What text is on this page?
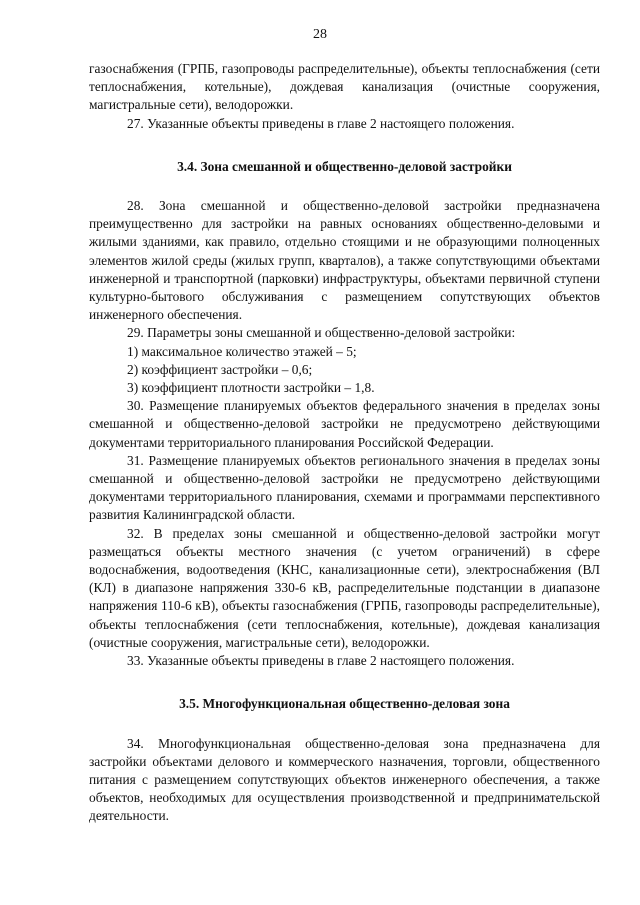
28

газоснабжения (ГРПБ, газопроводы распределительные), объекты теплоснабжения (сети теплоснабжения, котельные), дождевая канализация (очистные сооружения, магистральные сети), велодорожки.

27. Указанные объекты приведены в главе 2 настоящего положения.

3.4. Зона смешанной и общественно-деловой застройки

28. Зона смешанной и общественно-деловой застройки предназначена преимущественно для застройки на равных основаниях общественно-деловыми и жилыми зданиями, как правило, отдельно стоящими и не образующими полноценных элементов жилой среды (жилых групп, кварталов), а также сопутствующими объектами инженерной и транспортной (парковки) инфраструктуры, объектами первичной ступени культурно-бытового обслуживания с размещением сопутствующих объектов инженерного обеспечения.

29. Параметры зоны смешанной и общественно-деловой застройки:

1) максимальное количество этажей – 5;

2) коэффициент застройки – 0,6;

3) коэффициент плотности застройки – 1,8.

30. Размещение планируемых объектов федерального значения в пределах зоны смешанной и общественно-деловой застройки не предусмотрено действующими документами территориального планирования Российской Федерации.

31. Размещение планируемых объектов регионального значения в пределах зоны смешанной и общественно-деловой застройки не предусмотрено действующими документами территориального планирования, схемами и программами перспективного развития Калининградской области.

32. В пределах зоны смешанной и общественно-деловой застройки могут размещаться объекты местного значения (с учетом ограничений) в сфере водоснабжения, водоотведения (КНС, канализационные сети), электроснабжения (ВЛ (КЛ) в диапазоне напряжения 330-6 кВ, распределительные подстанции в диапазоне напряжения 110-6 кВ), объекты газоснабжения (ГРПБ, газопроводы распределительные), объекты теплоснабжения (сети теплоснабжения, котельные), дождевая канализация (очистные сооружения, магистральные сети), велодорожки.

33. Указанные объекты приведены в главе 2 настоящего положения.

3.5. Многофункциональная общественно-деловая зона

34. Многофункциональная общественно-деловая зона предназначена для застройки объектами делового и коммерческого назначения, торговли, общественного питания с размещением сопутствующих объектов инженерного обеспечения, а также объектов, необходимых для осуществления производственной и предпринимательской деятельности.
